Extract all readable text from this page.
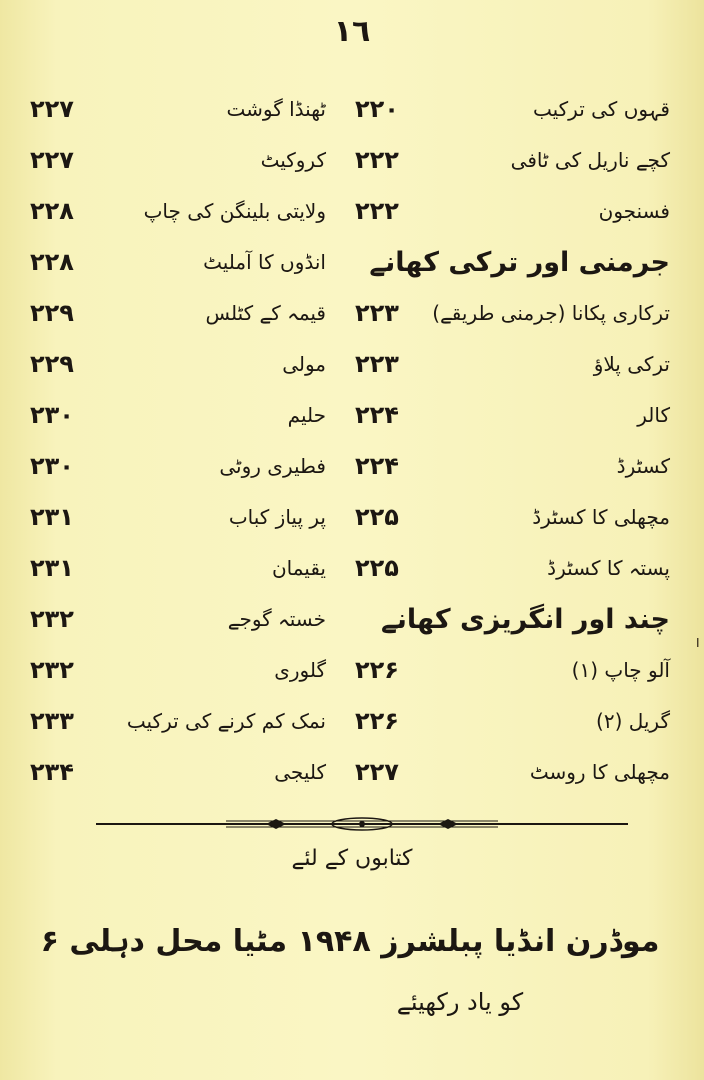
١٦
قہوں کی ترکیب
۲۲۰
ٹھنڈا گوشت
۲۲۷
کچے ناریل کی ٹافی
۲۲۲
کروکیٹ
۲۲۷
فسنجون
۲۲۲
ولایتی بلینگن کی چاپ
۲۲۸
جرمنی اور ترکی کھانے
انڈوں کا آملیٹ
۲۲۸
ترکاری پکانا (جرمنی طریقے)
۲۲۳
قیمہ کے کٹلس
۲۲۹
ترکی پلاؤ
۲۲۳
مولی
۲۲۹
کالر
۲۲۴
حلیم
۲۳۰
کسٹرڈ
۲۲۴
فطیری روٹی
۲۳۰
مچھلی کا کسٹرڈ
۲۲۵
پر پیاز کباب
۲۳۱
پستہ کا کسٹرڈ
۲۲۵
یقیمان
۲۳۱
چند اور انگریزی کھانے
خستہ گوجے
۲۳۲
آلو چاپ (۱)
۲۲۶
گلوری
۲۳۲
گریل (۲)
۲۲۶
نمک کم کرنے کی ترکیب
۲۳۳
مچھلی کا روسٹ
۲۲۷
کلیجی
۲۳۴
کتابوں کے لئے
موڈرن انڈیا پبلشرز ۱۹۴۸ مٹیا محل دہلی ۶
کو یاد رکھیئے
ı
